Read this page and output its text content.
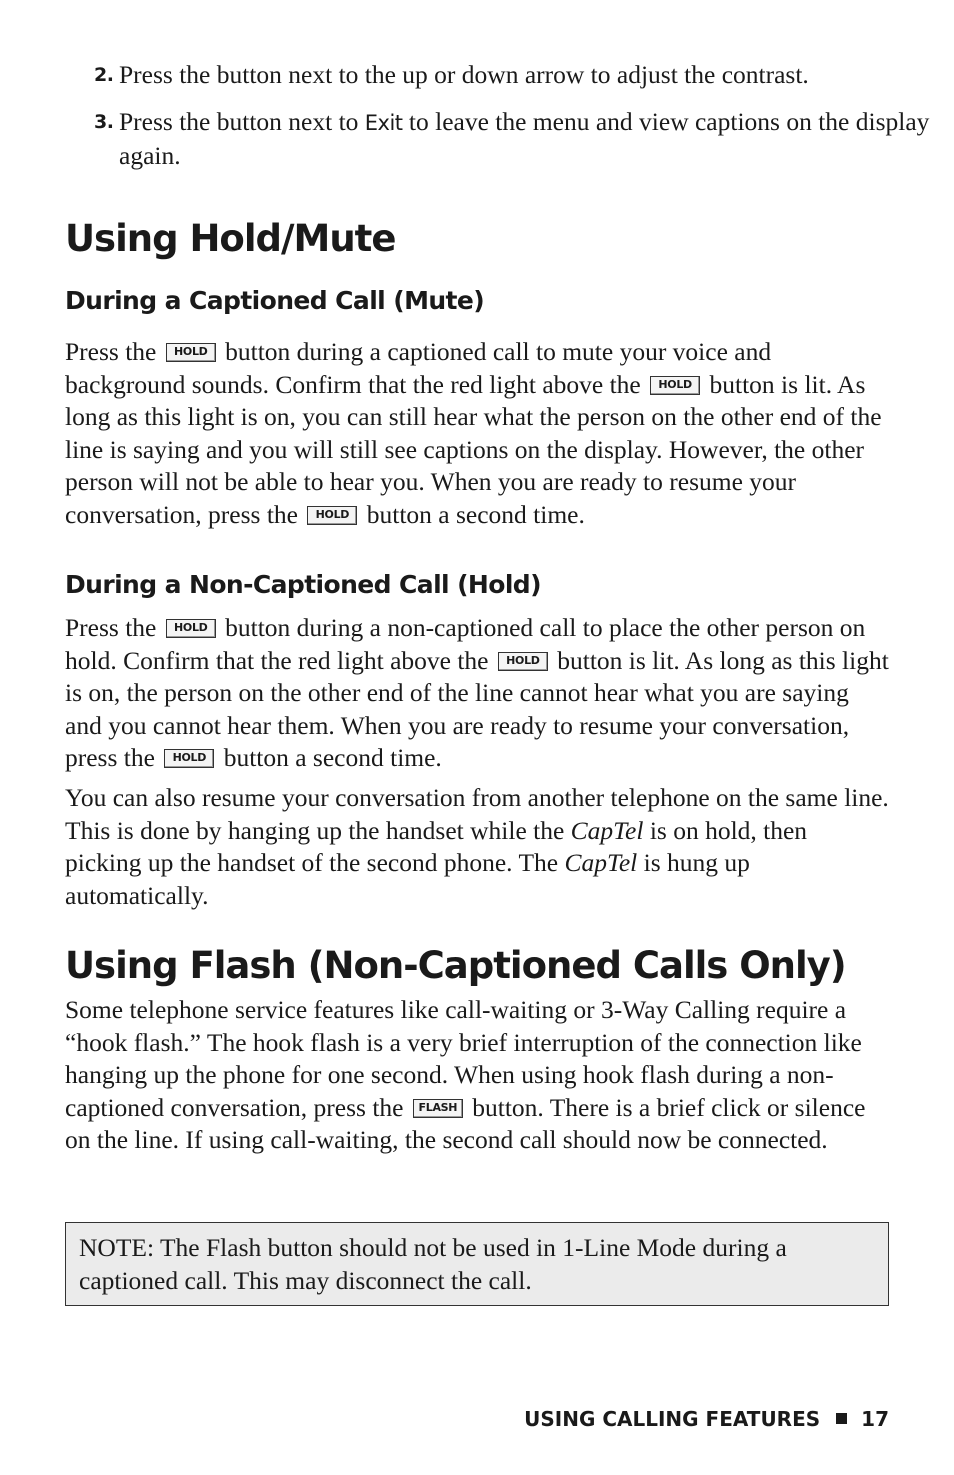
2. Press the button next to the up or down arrow to adjust the contrast.

3. Press the button next to Exit to leave the menu and view captions on the display again.

Using Hold/Mute
During a Captioned Call (Mute)

Press the HOLD button during a captioned call to mute your voice and background sounds. Confirm that the red light above the HOLD button is lit. As long as this light is on, you can still hear what the person on the other end of the line is saying and you will still see captions on the display. However, the other person will not be able to hear you. When you are ready to resume your conversation, press the HOLD button a second time.

During a Non-Captioned Call (Hold)

Press the HOLD button during a non-captioned call to place the other person on hold. Confirm that the red light above the HOLD button is lit. As long as this light is on, the person on the other end of the line cannot hear what you are saying and you cannot hear them. When you are ready to resume your conversation, press the HOLD button a second time.

You can also resume your conversation from another telephone on the same line. This is done by hanging up the handset while the CapTel is on hold, then picking up the handset of the second phone. The CapTel is hung up automatically.

Using Flash (Non-Captioned Calls Only)

Some telephone service features like call-waiting or 3-Way Calling require a “hook flash.” The hook flash is a very brief interruption of the connection like hanging up the phone for one second. When using hook flash during a non-captioned conversation, press the FLASH button. There is a brief click or silence on the line. If using call-waiting, the second call should now be connected.

NOTE: The Flash button should not be used in 1-Line Mode during a captioned call. This may disconnect the call.
USING CALLING FEATURES 17
